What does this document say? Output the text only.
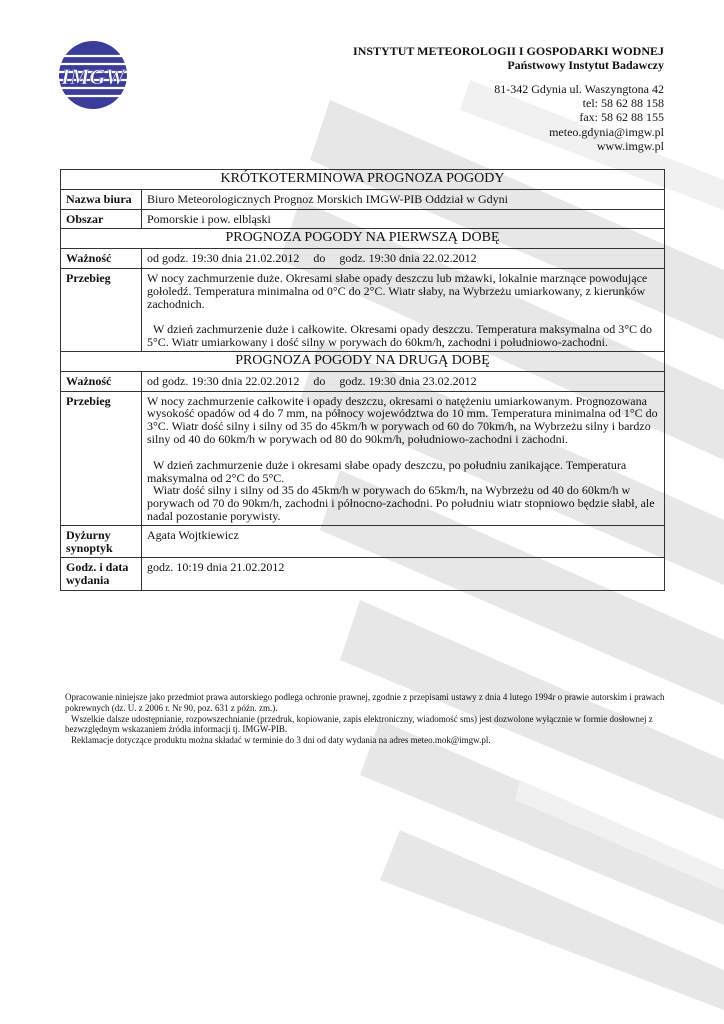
IMGW
INSTYTUT METEOROLOGII I GOSPODARKI WODNEJ
Państwowy Instytut Badawczy
81-342 Gdynia ul. Waszyngtona 42
tel: 58 62 88 158
fax: 58 62 88 155
meteo.gdynia@imgw.pl
www.imgw.pl
KRÓTKOTERMINOWA PROGNOZA POGODY	
Nazwa biura	Biuro Meteorologicznych Prognoz Morskich IMGW-PIB Oddział w Gdyni
Obszar	Pomorskie i pow. elbląski
PROGNOZA POGODY NA PIERWSZĄ DOBĘ	
Ważność	od godz. 19:30 dnia 21.02.2012 do godz. 19:30 dnia 22.02.2012
Przebieg	W nocy zachmurzenie duże. Okresami słabe opady deszczu lub mżawki, lokalnie marznące powodujące gołoledź. Temperatura minimalna od 0°C do 2°C. Wiatr słaby, na Wybrzeżu umiarkowany, z kierunków zachodnich.

W dzień zachmurzenie duże i całkowite. Okresami opady deszczu. Temperatura maksymalna od 3°C do 5°C. Wiatr umiarkowany i dość silny w porywach do 60km/h, zachodni i południowo-zachodni.

PROGNOZA POGODY NA DRUGĄ DOBĘ	
Ważność	od godz. 19:30 dnia 22.02.2012 do godz. 19:30 dnia 23.02.2012
Przebieg	W nocy zachmurzenie całkowite i opady deszczu, okresami o natężeniu umiarkowanym. Prognozowana wysokość opadów od 4 do 7 mm, na północy województwa do 10 mm. Temperatura minimalna od 1°C do 3°C. Wiatr dość silny i silny od 35 do 45km/h w porywach od 60 do 70km/h, na Wybrzeżu silny i bardzo silny od 40 do 60km/h w porywach od 80 do 90km/h, południowo-zachodni i zachodni.

W dzień zachmurzenie duże i okresami słabe opady deszczu, po południu zanikające. Temperatura maksymalna od 2°C do 5°C.

Wiatr dość silny i silny od 35 do 45km/h w porywach do 65km/h, na Wybrzeżu od 40 do 60km/h w porywach od 70 do 90km/h, zachodni i północno-zachodni. Po południu wiatr stopniowo będzie słabł, ale nadal pozostanie porywisty.

Dyżurny synoptyk	Agata Wojtkiewicz
Godz. i data wydania	godz. 10:19 dnia 21.02.2012
Opracowanie niniejsze jako przedmiot prawa autorskiego podlega ochronie prawnej, zgodnie z przepisami ustawy z dnia 4 lutego 1994r o prawie autorskim i prawach pokrewnych (dz. U. z 2006 r. Nr 90, poz. 631 z późn. zm.).
Wszelkie dalsze udostępnianie, rozpowszechnianie (przedruk, kopiowanie, zapis elektroniczny, wiadomość sms) jest dozwolone wyłącznie w formie dosłownej z bezwzględnym wskazaniem źródła informacji tj. IMGW-PIB.
Reklamacje dotyczące produktu można składać w terminie do 3 dni od daty wydania na adres meteo.mok@imgw.pl.
